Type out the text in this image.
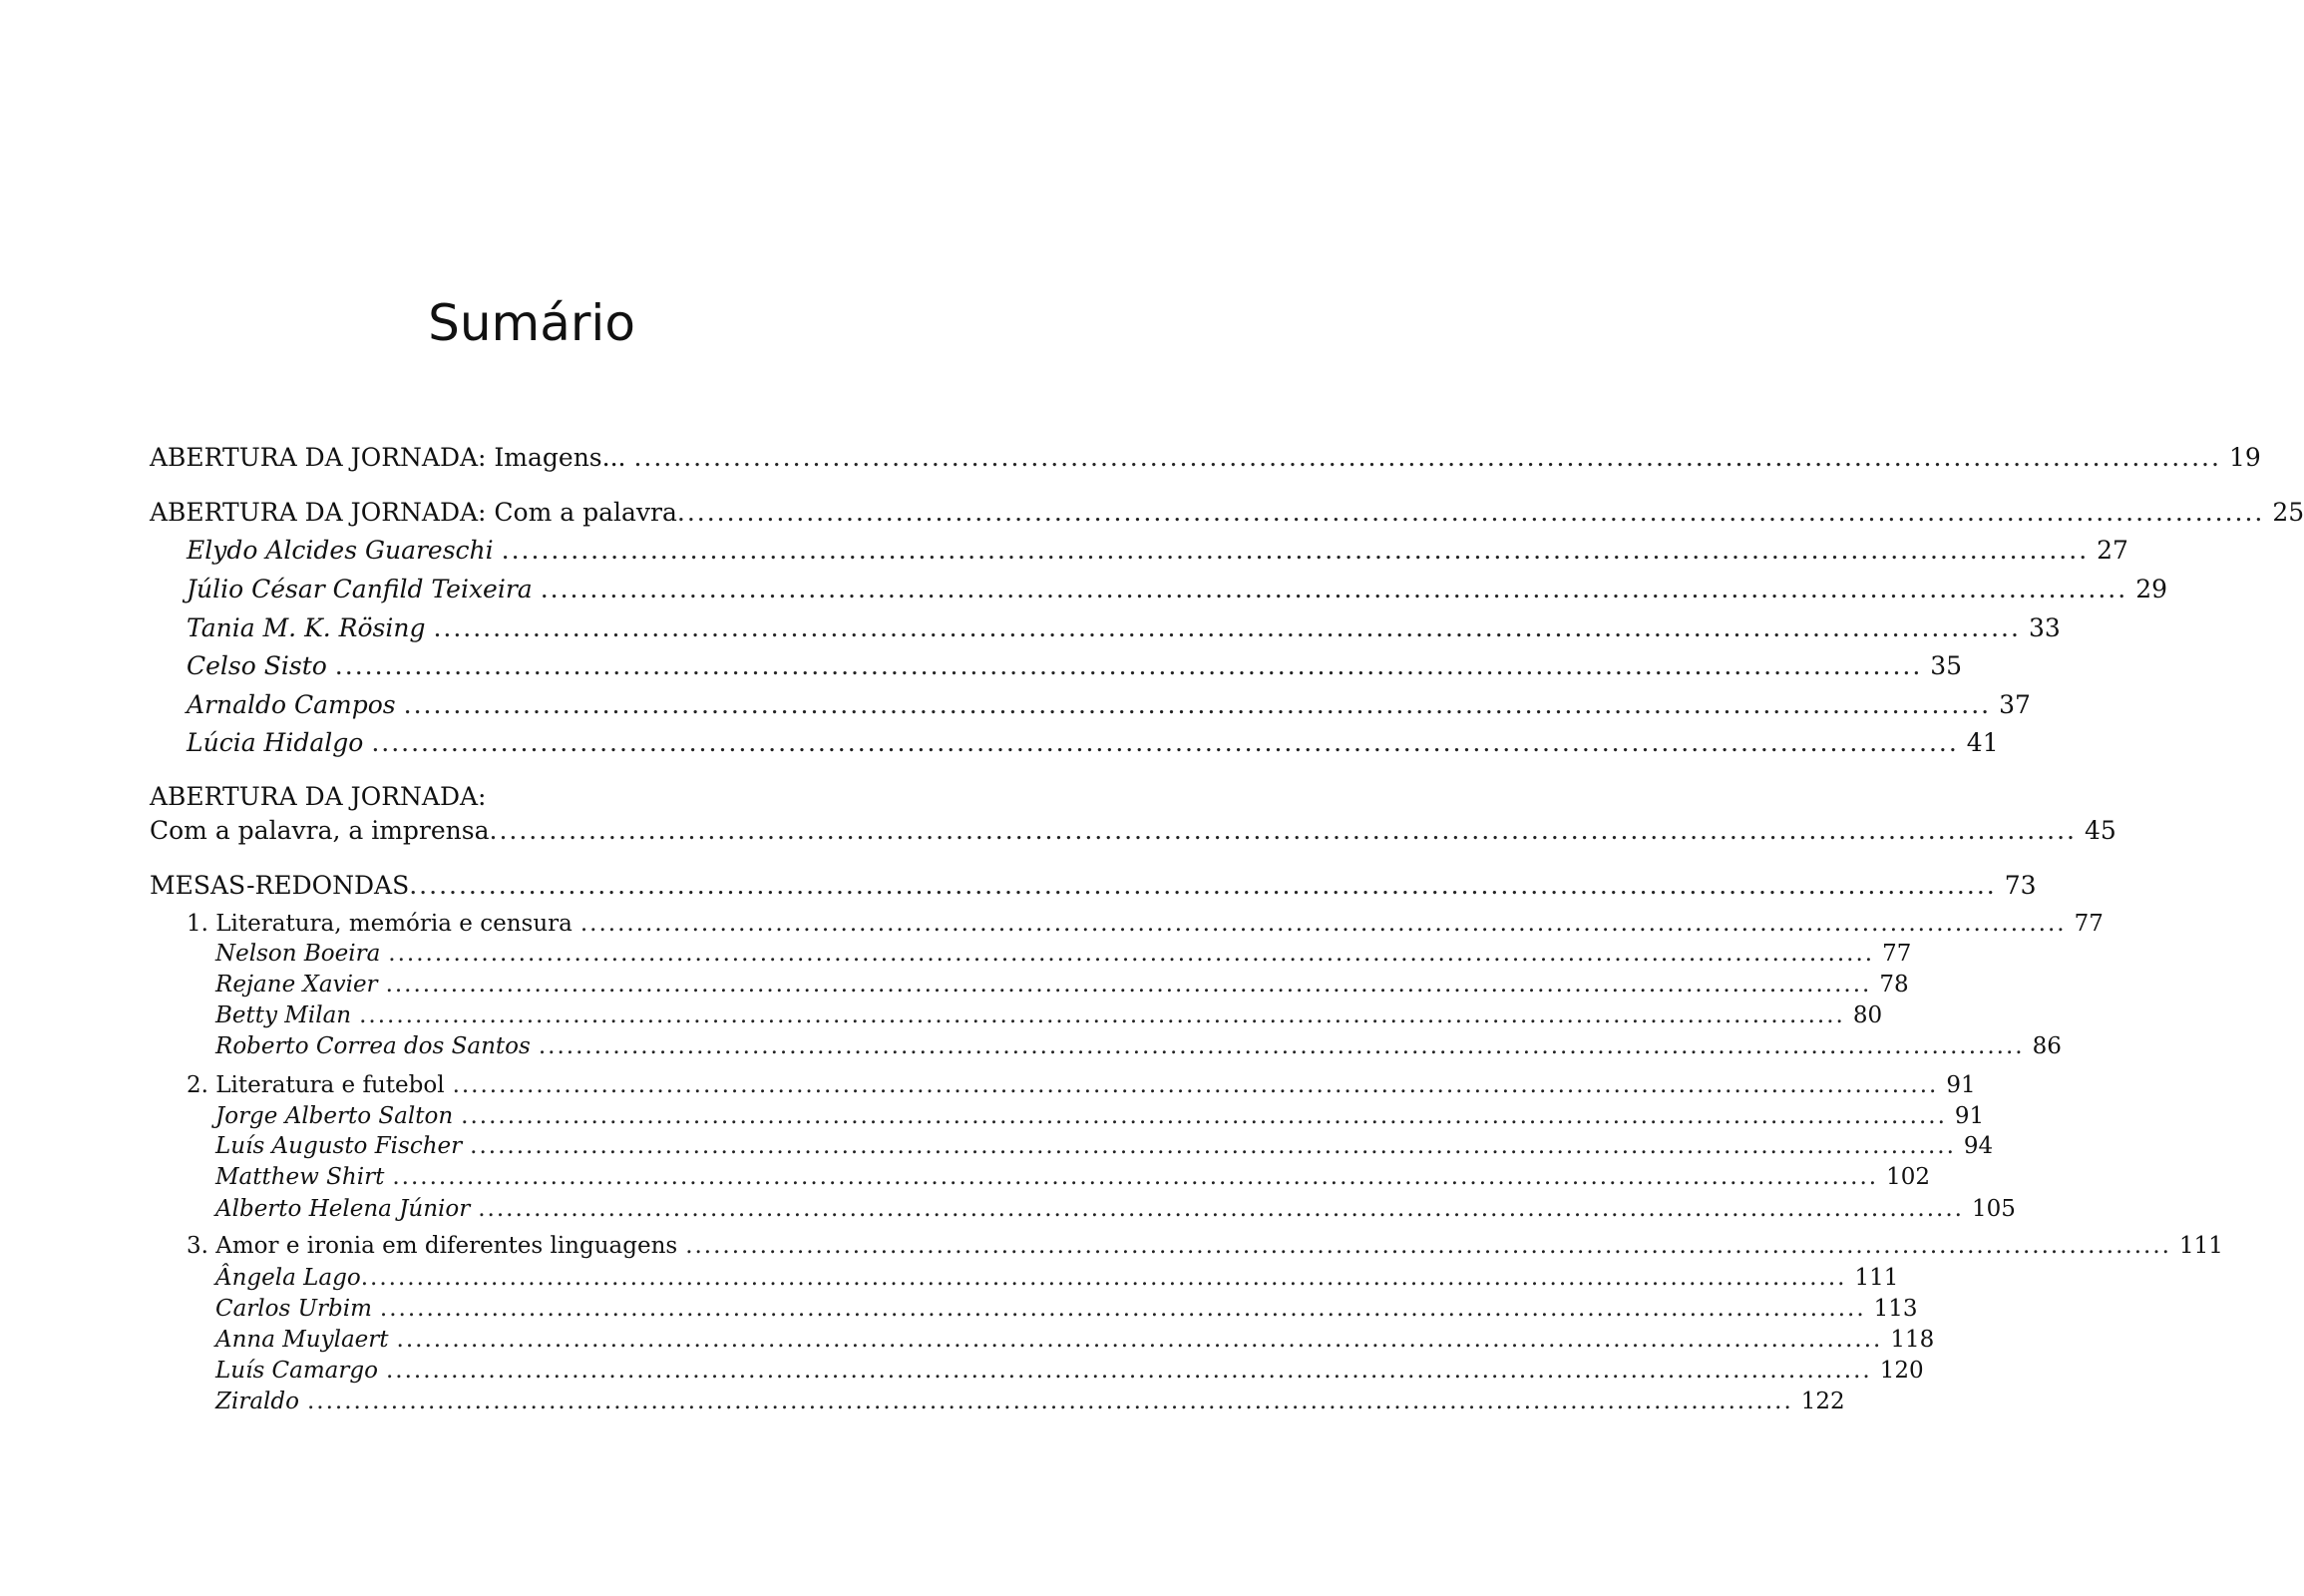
Sumário
ABERTURA DA JORNADA: Imagens... ................................................................................................................................................................ 19
ABERTURA DA JORNADA: Com a palavra ................................................................................................................................................................ 25
Elydo Alcides Guareschi ................................................................................................................................................................ 27
Júlio César Canfild Teixeira ................................................................................................................................................................ 29
Tania M. K. Rösing ................................................................................................................................................................ 33
Celso Sisto ................................................................................................................................................................ 35
Arnaldo Campos ................................................................................................................................................................ 37
Lúcia Hidalgo ................................................................................................................................................................ 41
ABERTURA DA JORNADA:
Com a palavra, a imprensa ................................................................................................................................................................ 45
MESAS-REDONDAS ................................................................................................................................................................ 73
1. Literatura, memória e censura ................................................................................................................................................................ 77
Nelson Boeira ................................................................................................................................................................ 77
Rejane Xavier ................................................................................................................................................................ 78
Betty Milan ................................................................................................................................................................ 80
Roberto Correa dos Santos ................................................................................................................................................................ 86
2. Literatura e futebol ................................................................................................................................................................ 91
Jorge Alberto Salton ................................................................................................................................................................ 91
Luís Augusto Fischer ................................................................................................................................................................ 94
Matthew Shirt ................................................................................................................................................................ 102
Alberto Helena Júnior ................................................................................................................................................................ 105
3. Amor e ironia em diferentes linguagens ................................................................................................................................................................ 111
Ângela Lago ................................................................................................................................................................ 111
Carlos Urbim ................................................................................................................................................................ 113
Anna Muylaert ................................................................................................................................................................ 118
Luís Camargo ................................................................................................................................................................ 120
Ziraldo ................................................................................................................................................................ 122
